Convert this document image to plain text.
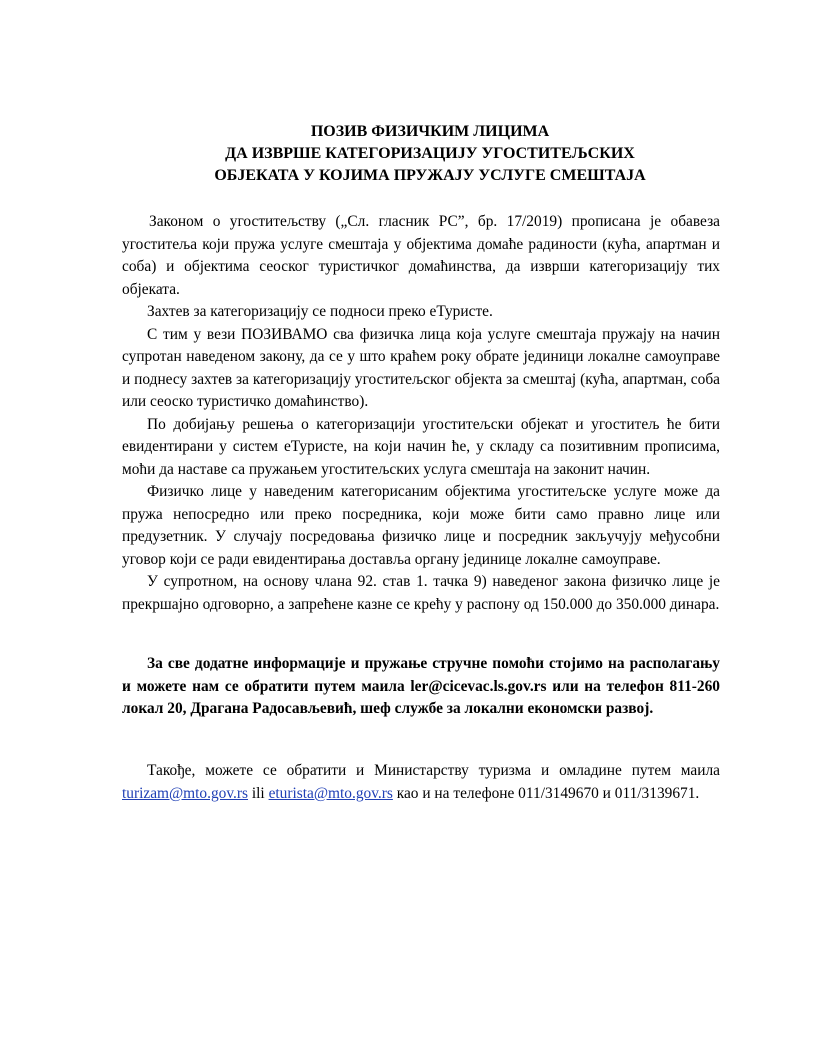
ПОЗИВ ФИЗИЧКИМ ЛИЦИМА
ДА ИЗВРШЕ КАТЕГОРИЗАЦИЈУ УГОСТИТЕЉСКИХ
ОБЈЕКАТА У КОЈИМА ПРУЖАЈУ УСЛУГЕ СМЕШТАЈА

Законом о угоститељству („Сл. гласник РС”, бр. 17/2019) прописана је обавеза угоститеља који пружа услуге смештаја у објектима домаће радиности (кућа, апартман и соба) и објектима сеоског туристичког домаћинства, да изврши категоризацију тих објеката.

Захтев за категоризацију се подноси преко еТуристе.

С тим у вези ПОЗИВАМО сва физичка лица која услуге смештаја пружају на начин супротан наведеном закону, да се у што краћем року обрате јединици локалне самоуправе и поднесу захтев за категоризацију угоститељског објекта за смештај (кућа, апартман, соба или сеоско туристичко домаћинство).

По добијању решења о категоризацији угоститељски објекат и угоститељ ће бити евидентирани у систем еТуристе, на који начин ће, у складу са позитивним прописима, моћи да наставе са пружањем угоститељских услуга смештаја на законит начин.

Физичко лице у наведеним категорисаним објектима угоститељске услуге може да пружа непосредно или преко посредника, који може бити само правно лице или предузетник. У случају посредовања физичко лице и посредник закључују међусобни уговор који се ради евидентирања доставља органу јединице локалне самоуправе.

У супротном, на основу члана 92. став 1. тачка 9) наведеног закона физичко лице је прекршајно одговорно, а запрећене казне се крећу у распону од 150.000 до 350.000 динара.

За све додатне информације и пружање стручне помоћи стојимо на располагању и можете нам се обратити путем маила ler@cicevac.ls.gov.rs или на телефон 811-260 локал 20, Драгана Радосављевић, шеф службе за локални економски развој.

Такође, можете се обратити и Министарству туризма и омладине путем маила turizam@mto.gov.rs ili eturista@mto.gov.rs као и на телефоне 011/3149670 и 011/3139671.
